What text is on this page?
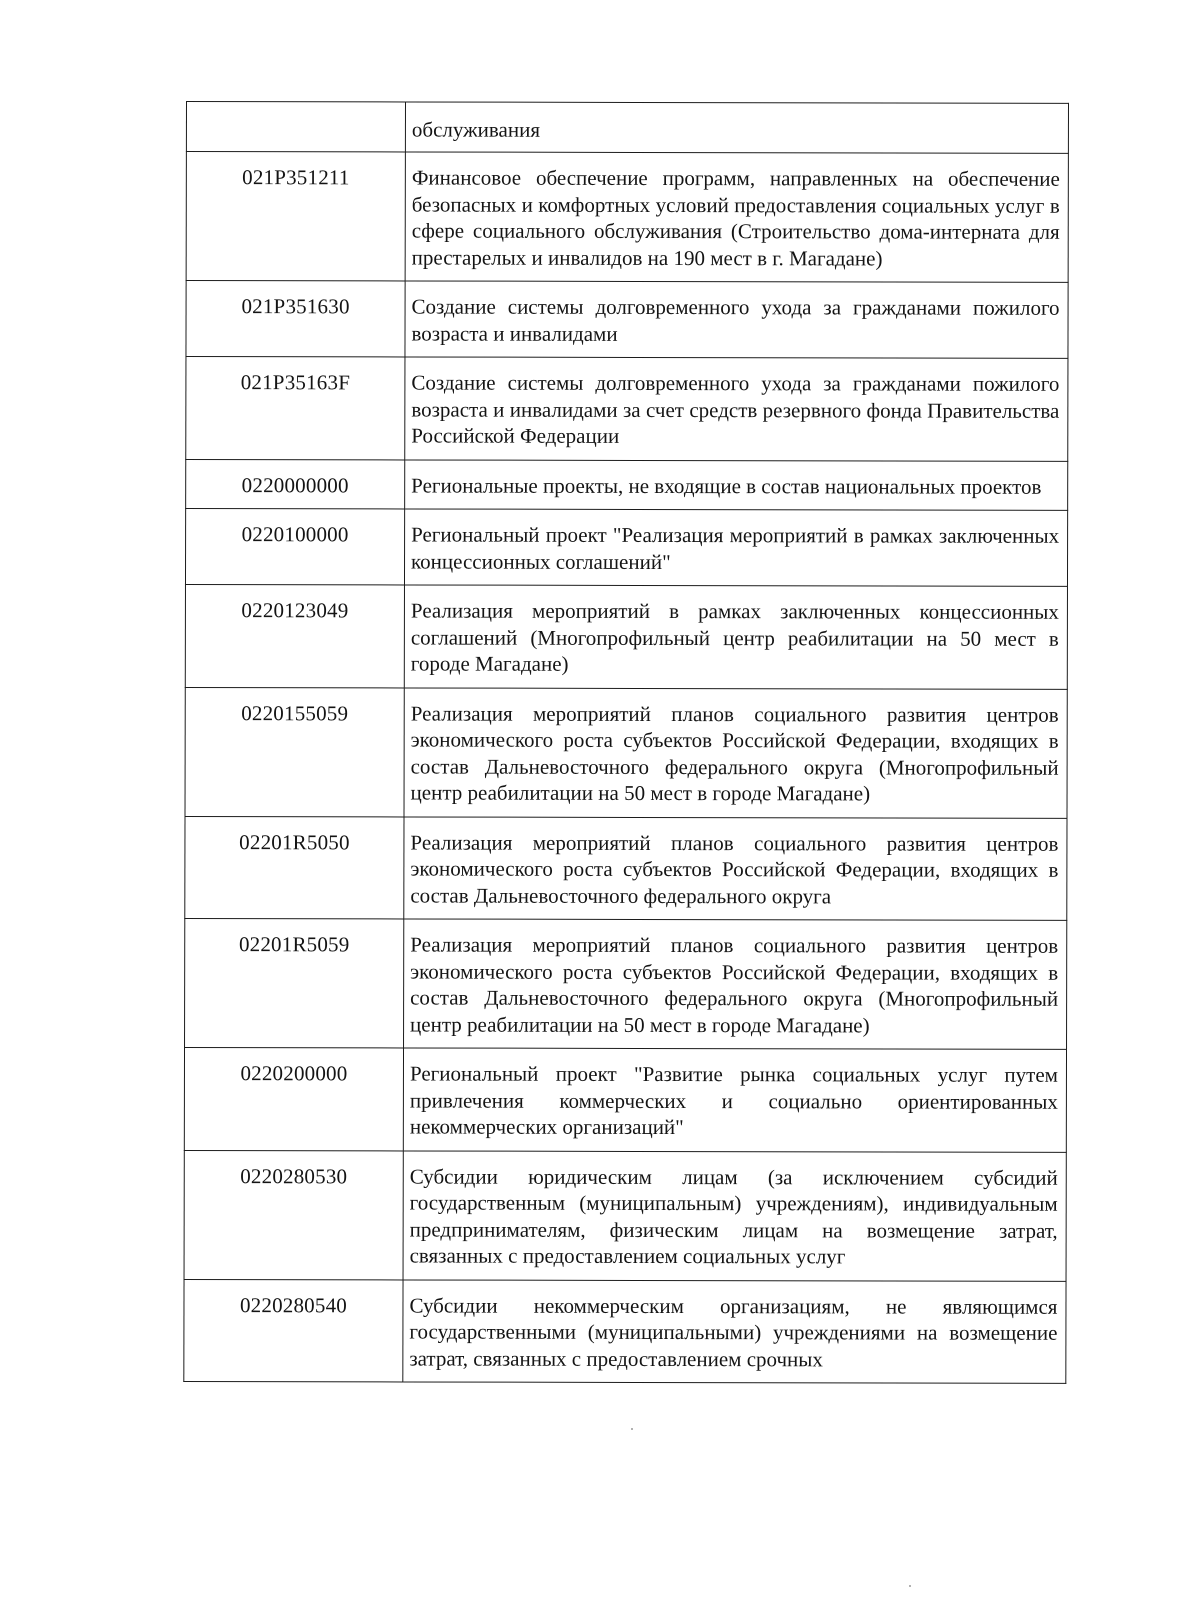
	обслуживания
021P351211	Финансовое обеспечение программ, направленных на обеспечение безопасных и комфортных условий предоставления социальных услуг в сфере социального обслуживания (Строительство дома-интерната для престарелых и инвалидов на 190 мест в г. Магадане)
021P351630	Создание системы долговременного ухода за гражданами пожилого возраста и инвалидами
021P35163F	Создание системы долговременного ухода за гражданами пожилого возраста и инвалидами за счет средств резервного фонда Правительства Российской Федерации
0220000000	Региональные проекты, не входящие в состав национальных проектов
0220100000	Региональный проект "Реализация мероприятий в рамках заключенных концессионных соглашений"
0220123049	Реализация мероприятий в рамках заключенных концессионных соглашений (Многопрофильный центр реабилитации на 50 мест в городе Магадане)
0220155059	Реализация мероприятий планов социального развития центров экономического роста субъектов Российской Федерации, входящих в состав Дальневосточного федерального округа (Многопрофильный центр реабилитации на 50 мест в городе Магадане)
02201R5050	Реализация мероприятий планов социального развития центров экономического роста субъектов Российской Федерации, входящих в состав Дальневосточного федерального округа
02201R5059	Реализация мероприятий планов социального развития центров экономического роста субъектов Российской Федерации, входящих в состав Дальневосточного федерального округа (Многопрофильный центр реабилитации на 50 мест в городе Магадане)
0220200000	Региональный проект "Развитие рынка социальных услуг путем привлечения коммерческих и социально ориентированных некоммерческих организаций"
0220280530	Субсидии юридическим лицам (за исключением субсидий государственным (муниципальным) учреждениям), индивидуальным предпринимателям, физическим лицам на возмещение затрат, связанных с предоставлением социальных услуг
0220280540	Субсидии некоммерческим организациям, не являющимся государственными (муниципальными) учреждениями на возмещение затрат, связанных с предоставлением срочных
